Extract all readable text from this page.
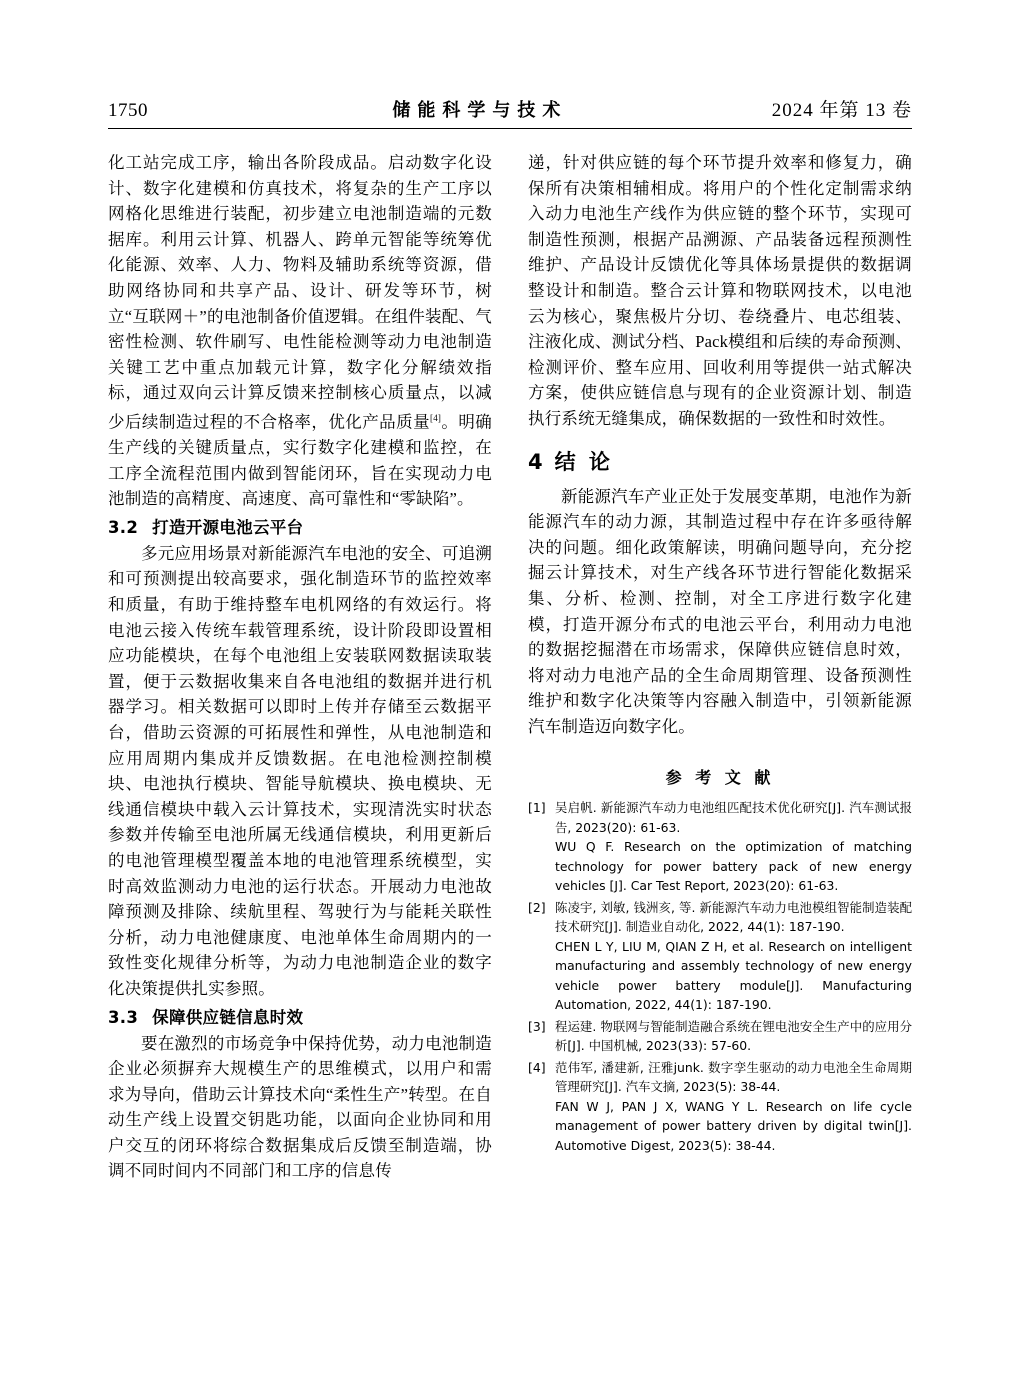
1750	储能科学与技术	2024 年第 13 卷

化工站完成工序，输出各阶段成品。启动数字化设计、数字化建模和仿真技术，将复杂的生产工序以网格化思维进行装配，初步建立电池制造端的元数据库。利用云计算、机器人、跨单元智能等统筹优化能源、效率、人力、物料及辅助系统等资源，借助网络协同和共享产品、设计、研发等环节，树立“互联网＋”的电池制备价值逻辑。在组件装配、气密性检测、软件刷写、电性能检测等动力电池制造关键工艺中重点加载元计算，数字化分解绩效指标，通过双向云计算反馈来控制核心质量点，以减少后续制造过程的不合格率，优化产品质量[4]。明确生产线的关键质量点，实行数字化建模和监控，在工序全流程范围内做到智能闭环，旨在实现动力电池制造的高精度、高速度、高可靠性和“零缺陷”。

3.2 打造开源电池云平台

多元应用场景对新能源汽车电池的安全、可追溯和可预测提出较高要求，强化制造环节的监控效率和质量，有助于维持整车电机网络的有效运行。将电池云接入传统车载管理系统，设计阶段即设置相应功能模块，在每个电池组上安装联网数据读取装置，便于云数据收集来自各电池组的数据并进行机器学习。相关数据可以即时上传并存储至云数据平台，借助云资源的可拓展性和弹性，从电池制造和应用周期内集成并反馈数据。在电池检测控制模块、电池执行模块、智能导航模块、换电模块、无线通信模块中载入云计算技术，实现清洗实时状态参数并传输至电池所属无线通信模块，利用更新后的电池管理模型覆盖本地的电池管理系统模型，实时高效监测动力电池的运行状态。开展动力电池故障预测及排除、续航里程、驾驶行为与能耗关联性分析，动力电池健康度、电池单体生命周期内的一致性变化规律分析等，为动力电池制造企业的数字化决策提供扎实参照。

3.3 保障供应链信息时效

要在激烈的市场竞争中保持优势，动力电池制造企业必须摒弃大规模生产的思维模式，以用户和需求为导向，借助云计算技术向“柔性生产”转型。在自动生产线上设置交钥匙功能，以面向企业协同和用户交互的闭环将综合数据集成后反馈至制造端，协调不同时间内不同部门和工序的信息传

递，针对供应链的每个环节提升效率和修复力，确保所有决策相辅相成。将用户的个性化定制需求纳入动力电池生产线作为供应链的整个环节，实现可制造性预测，根据产品溯源、产品装备远程预测性维护、产品设计反馈优化等具体场景提供的数据调整设计和制造。整合云计算和物联网技术，以电池云为核心，聚焦极片分切、卷绕叠片、电芯组装、注液化成、测试分档、Pack模组和后续的寿命预测、检测评价、整车应用、回收利用等提供一站式解决方案，使供应链信息与现有的企业资源计划、制造执行系统无缝集成，确保数据的一致性和时效性。

4 结 论

新能源汽车产业正处于发展变革期，电池作为新能源汽车的动力源，其制造过程中存在许多亟待解决的问题。细化政策解读，明确问题导向，充分挖掘云计算技术，对生产线各环节进行智能化数据采集、分析、检测、控制，对全工序进行数字化建模，打造开源分布式的电池云平台，利用动力电池的数据挖掘潜在市场需求，保障供应链信息时效，将对动力电池产品的全生命周期管理、设备预测性维护和数字化决策等内容融入制造中，引领新能源汽车制造迈向数字化。

参 考 文 献
[1] 吴启帆. 新能源汽车动力电池组匹配技术优化研究[J]. 汽车测试报告, 2023(20): 61-63.
WU Q F. Research on the optimization of matching technology for power battery pack of new energy vehicles [J]. Car Test Report, 2023(20): 61-63.
[2] 陈凌宇, 刘敏, 钱洲亥, 等. 新能源汽车动力电池模组智能制造装配技术研究[J]. 制造业自动化, 2022, 44(1): 187-190.
CHEN L Y, LIU M, QIAN Z H, et al. Research on intelligent manufacturing and assembly technology of new energy vehicle power battery module[J]. Manufacturing Automation, 2022, 44(1): 187-190.
[3] 程运建. 物联网与智能制造融合系统在锂电池安全生产中的应用分析[J]. 中国机械, 2023(33): 57-60.
[4] 范伟军, 潘建新, 汪雅junk. 数字孪生驱动的动力电池全生命周期管理研究[J]. 汽车文摘, 2023(5): 38-44.
FAN W J, PAN J X, WANG Y L. Research on life cycle management of power battery driven by digital twin[J]. Automotive Digest, 2023(5): 38-44.
